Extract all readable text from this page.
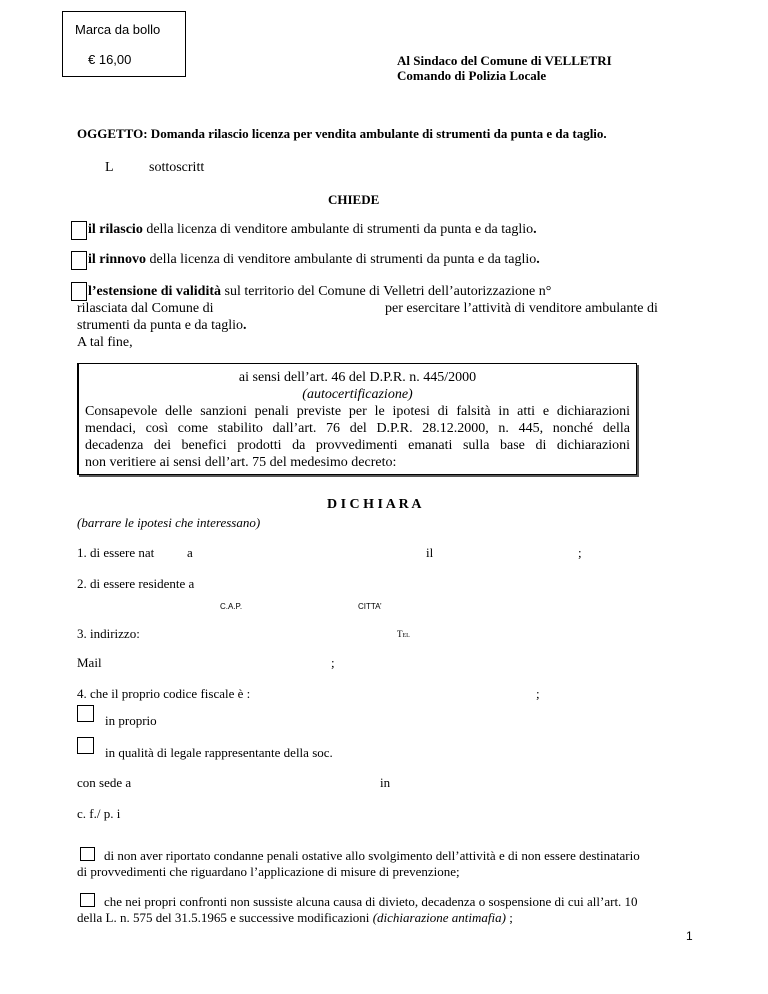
Marca da bollo
€ 16,00	Al Sindaco del Comune di VELLETRI
Comando di Polizia Locale
OGGETTO: Domanda rilascio licenza per vendita ambulante di strumenti da punta e da taglio.
L	sottoscritt
CHIEDE
il rilascio della licenza di venditore ambulante di strumenti da punta e da taglio.
il rinnovo della licenza di venditore ambulante di strumenti da punta e da taglio.
l’estensione di validità sul territorio del Comune di Velletri dell’autorizzazione n°
rilasciata dal Comune di	per esercitare l’attività di venditore ambulante di
strumenti da punta e da taglio.
A tal fine,
ai sensi dell’art. 46 del D.P.R. n. 445/2000
(autocertificazione)
Consapevole delle sanzioni penali previste per le ipotesi di falsità in atti e dichiarazioni
mendaci, così come stabilito dall’art. 76 del D.P.R. 28.12.2000, n. 445, nonché della
decadenza dei benefici prodotti da provvedimenti emanati sulla base di dichiarazioni
non veritiere ai sensi dell’art. 75 del medesimo decreto:
D I C H I A R A
(barrare le ipotesi che interessano)
1. di essere nat	a	il	;
2. di essere residente a
C.A.P.	CITTA’
3. indirizzo:	Tel
Mail	;
4. che il proprio codice fiscale è :	;
in proprio
in qualità di legale rappresentante della soc.
con sede a	in
c. f./ p. i
di non aver riportato condanne penali ostative allo svolgimento dell’attività e di non essere destinatario
di provvedimenti che riguardano l’applicazione di misure di prevenzione;
che nei propri confronti non sussiste alcuna causa di divieto, decadenza o sospensione di cui all’art. 10
della L. n. 575 del 31.5.1965 e successive modificazioni (dichiarazione antimafia) ;
1
